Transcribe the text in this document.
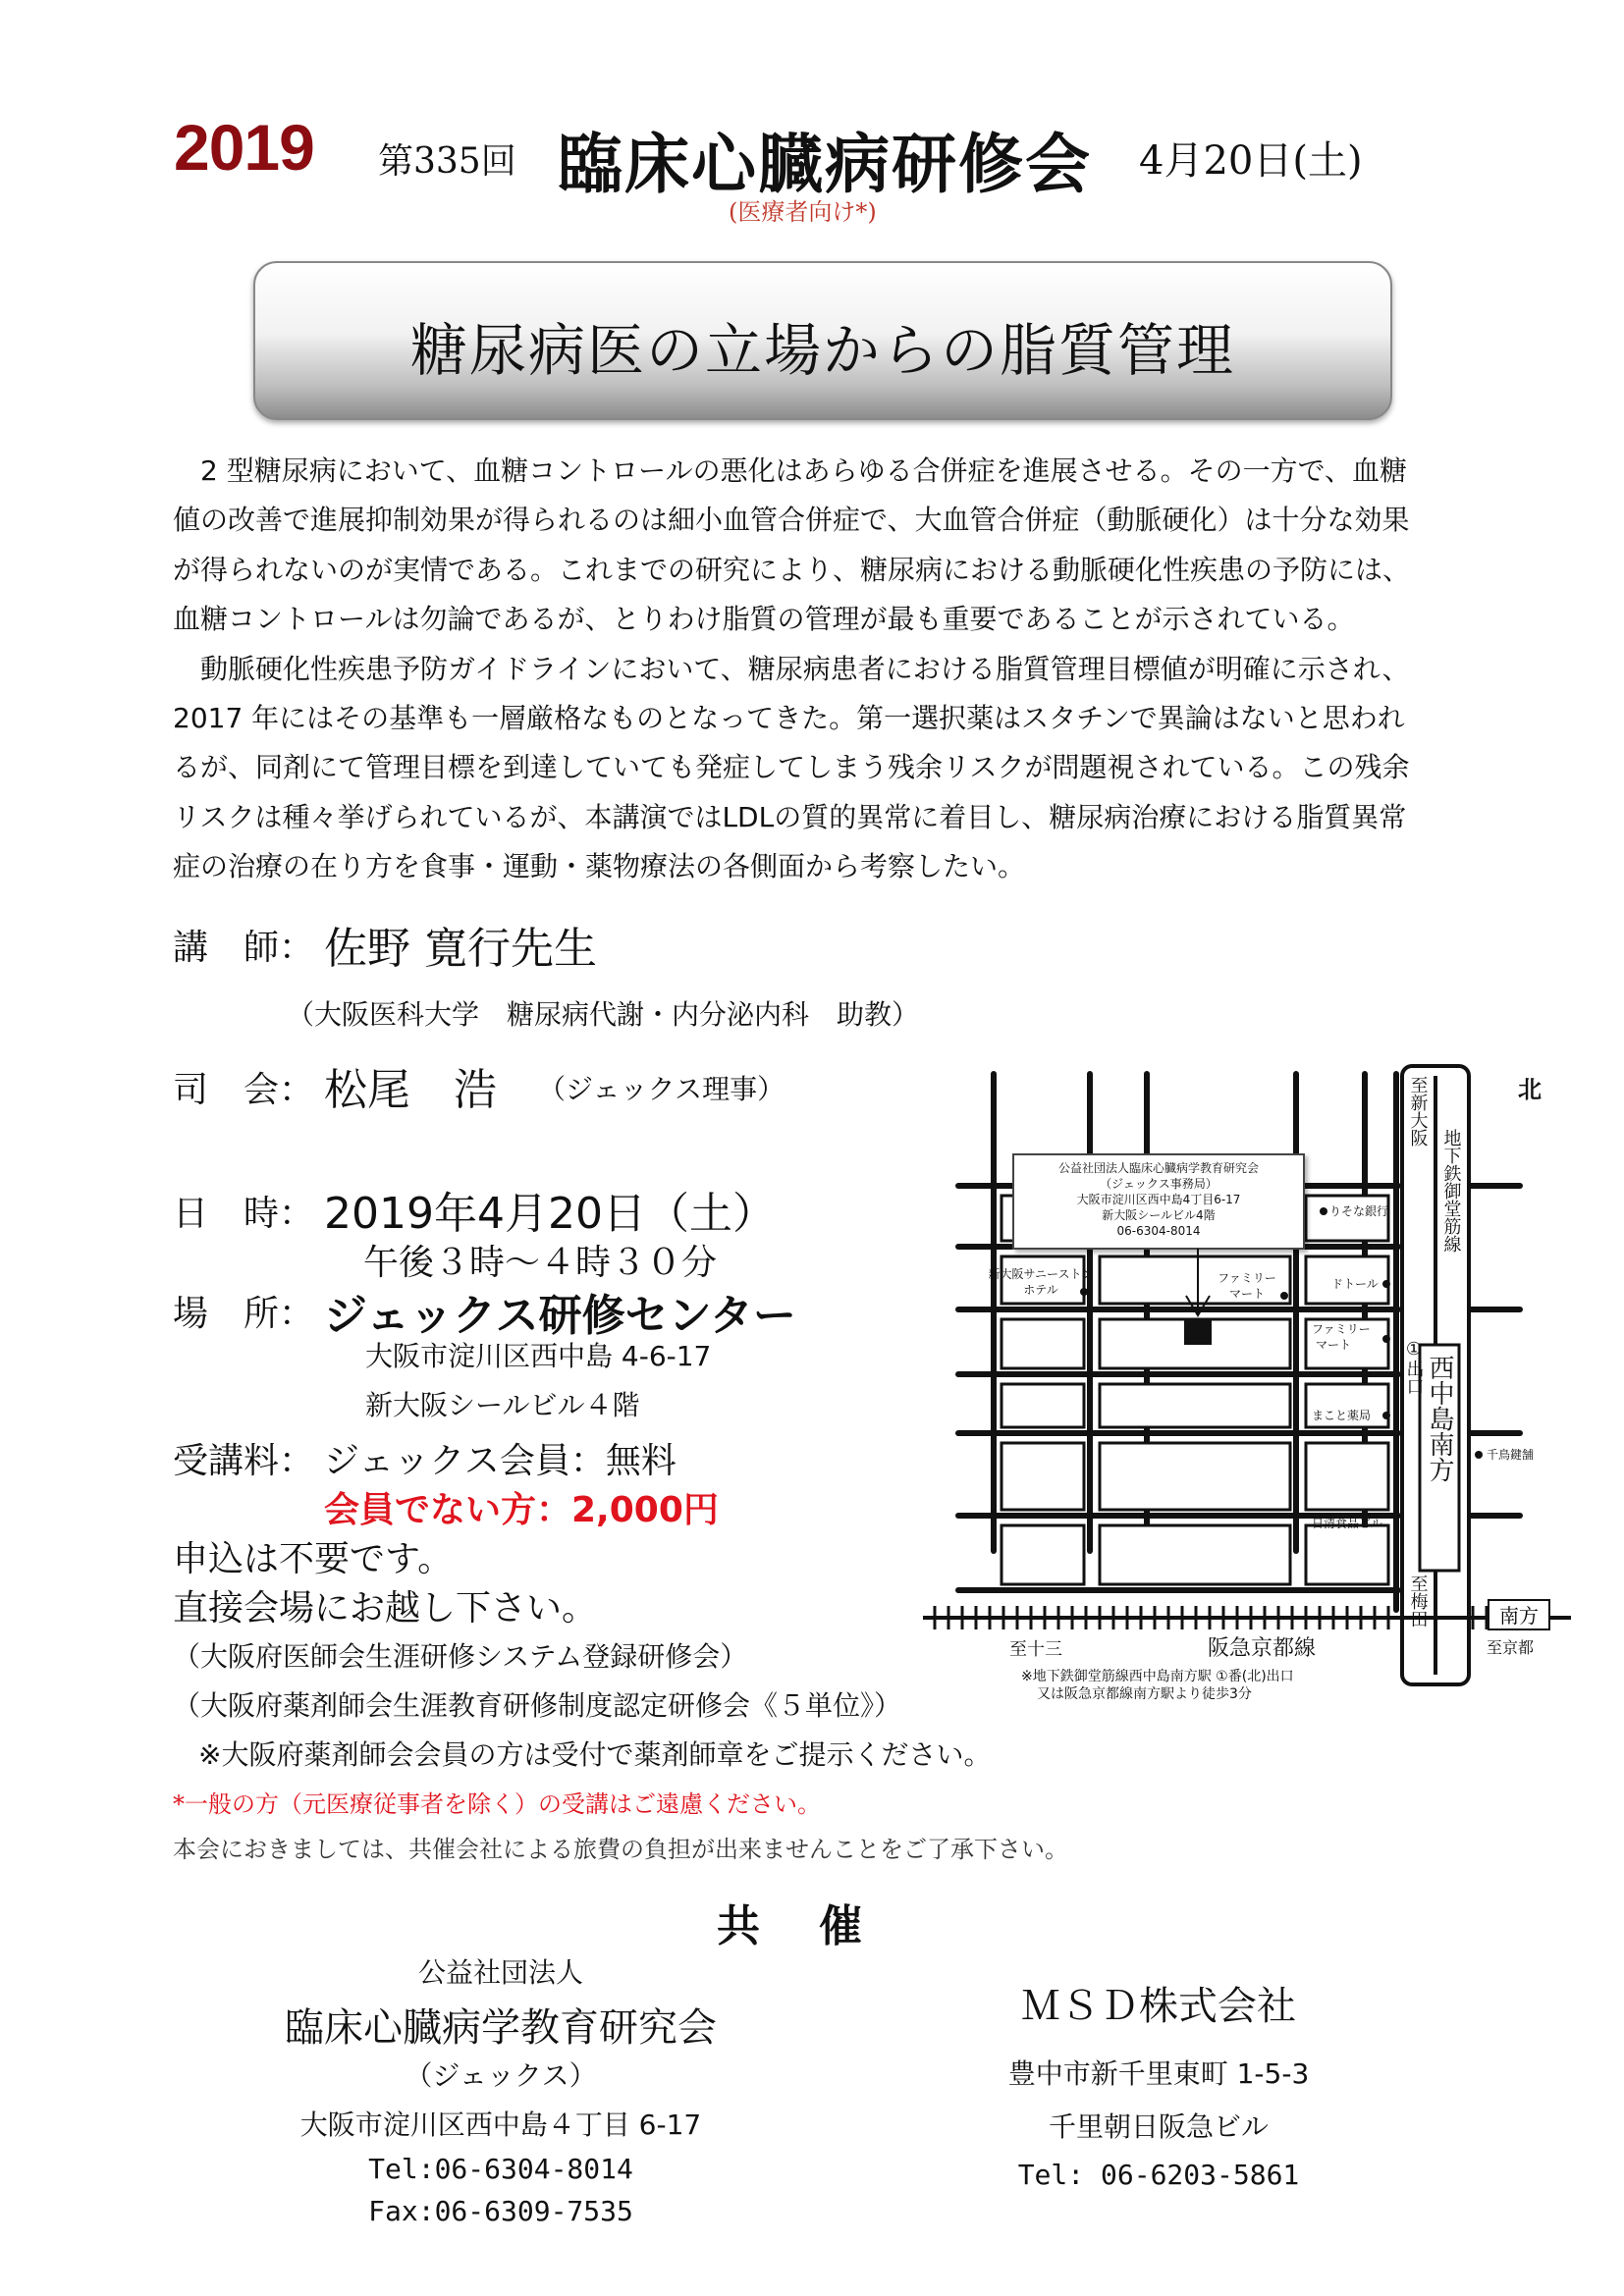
2019 第335回 臨床心臓病研修会 4月20日(土)
(医療者向け*)
糖尿病医の立場からの脂質管理

2 型糖尿病において、血糖コントロールの悪化はあらゆる合併症を進展させる。その一方で、血糖

値の改善で進展抑制効果が得られるのは細小血管合併症で、大血管合併症（動脈硬化）は十分な効果
が得られないのが実情である。これまでの研究により、糖尿病における動脈硬化性疾患の予防には、
血糖コントロールは勿論であるが、とりわけ脂質の管理が最も重要であることが示されている。

動脈硬化性疾患予防ガイドラインにおいて、糖尿病患者における脂質管理目標値が明確に示され、

2017 年にはその基準も一層厳格なものとなってきた。第一選択薬はスタチンで異論はないと思われ
るが、同剤にて管理目標を到達していても発症してしまう残余リスクが問題視されている。この残余
リスクは種々挙げられているが、本講演ではLDLの質的異常に着目し、糖尿病治療における脂質異常
症の治療の在り方を食事・運動・薬物療法の各側面から考察したい。
講　師： 佐野 寛行先生
（大阪医科大学　糖尿病代謝・内分泌内科　助教）
司　会： 松尾　浩 （ジェックス理事）
日　時： 2019年4月20日（土）
午後３時～４時３０分
場　所： ジェックス研修センター
大阪市淀川区西中島 4-6-17
新大阪シールビル４階
受講料： ジェックス会員：無料
会員でない方：2,000円
申込は不要です。
直接会場にお越し下さい。
（大阪府医師会生涯研修システム登録研修会）
（大阪府薬剤師会生涯教育研修制度認定研修会《５単位》）
※大阪府薬剤師会会員の方は受付で薬剤師章をご提示ください。
*一般の方（元医療従事者を除く）の受講はご遠慮ください。
本会におきましては、共催会社による旅費の負担が出来ませんことをご了承下さい。
南方
公益社団法人臨床心臓病学教育研究会
（ジェックス事務局）
大阪市淀川区西中島4丁目6-17
新大阪シールビル4階
06-6304-8014
北
りそな銀行
新大阪サニーストン
ホテル
ファミリー
マート
ドトール
ファミリー
マート
まこと薬局
千鳥鍵舗
日清食品ビル
至十三	阪急京都線	至京都
※地下鉄御堂筋線西中島南方駅 ①番(北)出口
又は阪急京都線南方駅より徒歩3分
至新大阪
地下鉄御堂筋線
①出口 西中島南方
至梅田
共催
公益社団法人
臨床心臓病学教育研究会
（ジェックス）
大阪市淀川区西中島４丁目 6-17
Tel:06-6304-8014
Fax:06-6309-7535
ＭＳＤ株式会社
豊中市新千里東町 1-5-3
千里朝日阪急ビル
Tel: 06-6203-5861
